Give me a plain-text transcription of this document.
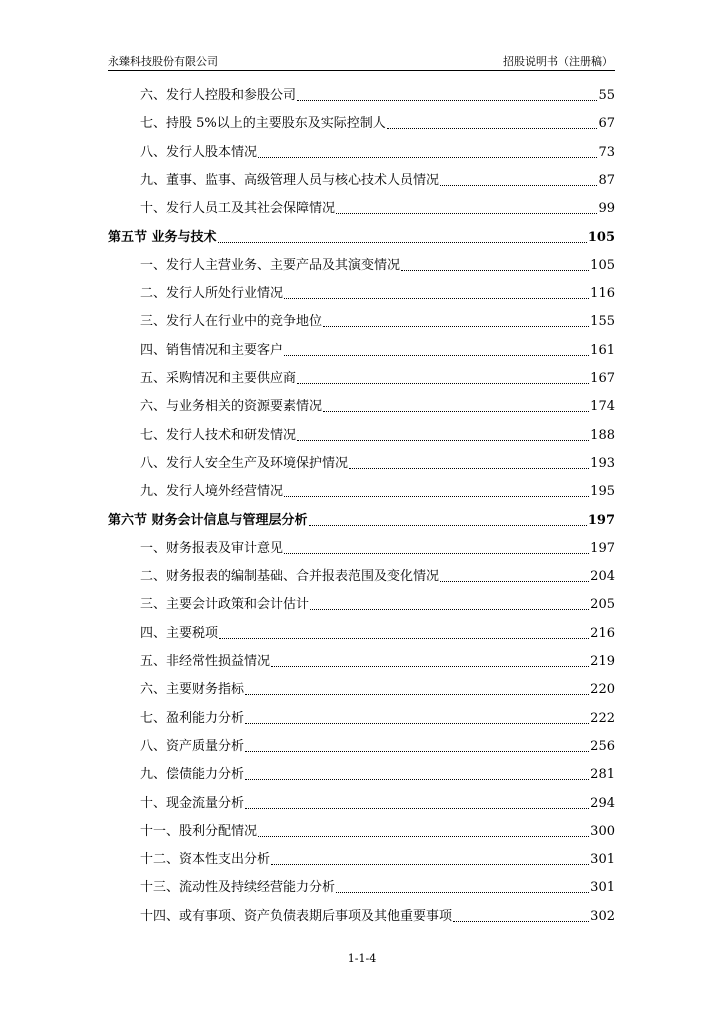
永臻科技股份有限公司	招股说明书（注册稿）
六、发行人控股和参股公司	55
七、持股 5%以上的主要股东及实际控制人	67
八、发行人股本情况	73
九、董事、监事、高级管理人员与核心技术人员情况	87
十、发行人员工及其社会保障情况	99
第五节 业务与技术	105
一、发行人主营业务、主要产品及其演变情况	105
二、发行人所处行业情况	116
三、发行人在行业中的竞争地位	155
四、销售情况和主要客户	161
五、采购情况和主要供应商	167
六、与业务相关的资源要素情况	174
七、发行人技术和研发情况	188
八、发行人安全生产及环境保护情况	193
九、发行人境外经营情况	195
第六节 财务会计信息与管理层分析	197
一、财务报表及审计意见	197
二、财务报表的编制基础、合并报表范围及变化情况	204
三、主要会计政策和会计估计	205
四、主要税项	216
五、非经常性损益情况	219
六、主要财务指标	220
七、盈利能力分析	222
八、资产质量分析	256
九、偿债能力分析	281
十、现金流量分析	294
十一、股利分配情况	300
十二、资本性支出分析	301
十三、流动性及持续经营能力分析	301
十四、或有事项、资产负债表期后事项及其他重要事项	302
1-1-4
